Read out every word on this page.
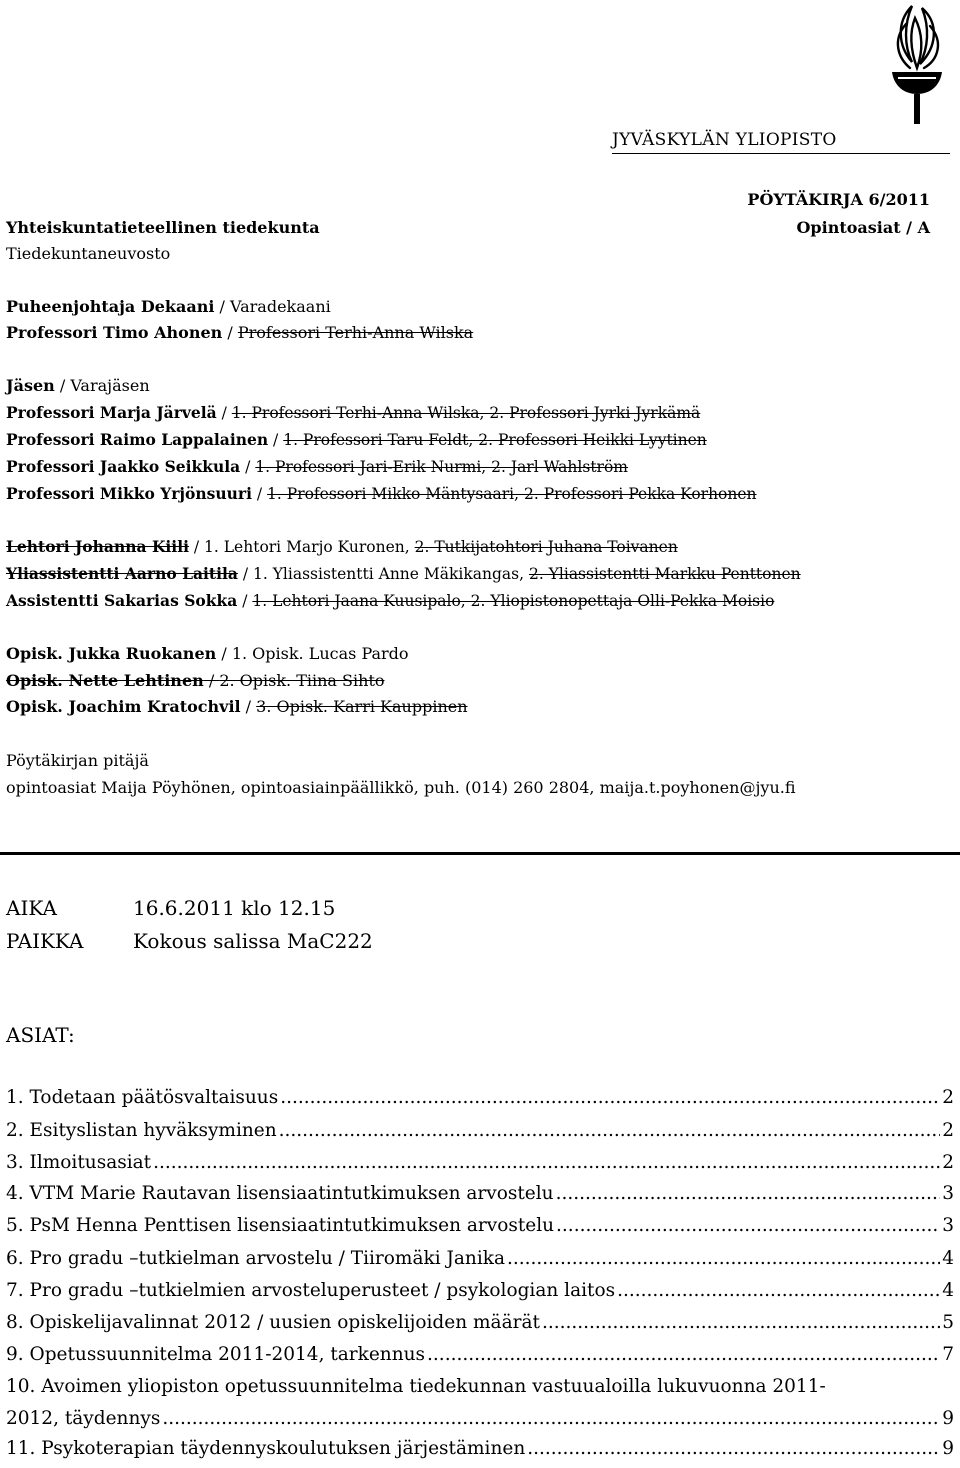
JYVÄSKYLÄN YLIOPISTO
PÖYTÄKIRJA 6/2011
Yhteiskuntatieteellinen tiedekunta	Opintoasiat / A
Tiedekuntaneuvosto
Puheenjohtaja Dekaani / Varadekaani
Professori Timo Ahonen / Professori Terhi-Anna Wilska
Jäsen / Varajäsen
Professori Marja Järvelä / 1. Professori Terhi-Anna Wilska, 2. Professori Jyrki Jyrkämä
Professori Raimo Lappalainen / 1. Professori Taru Feldt, 2. Professori Heikki Lyytinen
Professori Jaakko Seikkula / 1. Professori Jari-Erik Nurmi, 2. Jarl Wahlström
Professori Mikko Yrjönsuuri / 1. Professori Mikko Mäntysaari, 2. Professori Pekka Korhonen
Lehtori Johanna Kiili / 1. Lehtori Marjo Kuronen, 2. Tutkijatohtori Juhana Toivanen
Yliassistentti Aarno Laitila / 1. Yliassistentti Anne Mäkikangas, 2. Yliassistentti Markku Penttonen
Assistentti Sakarias Sokka / 1. Lehtori Jaana Kuusipalo, 2. Yliopistonopettaja Olli-Pekka Moisio
Opisk. Jukka Ruokanen / 1. Opisk. Lucas Pardo
Opisk. Nette Lehtinen / 2. Opisk. Tiina Sihto
Opisk. Joachim Kratochvil / 3. Opisk. Karri Kauppinen
Pöytäkirjan pitäjä
opintoasiat Maija Pöyhönen, opintoasiainpäällikkö, puh. (014) 260 2804, maija.t.poyhonen@jyu.fi
AIKA	16.6.2011 klo 12.15
PAIKKA Kokous salissa MaC222
ASIAT:
1. Todetaan päätösvaltaisuus .....	2
2. Esityslistan hyväksyminen .....	2
3. Ilmoitusasiat .....	2
4. VTM Marie Rautavan lisensiaatintutkimuksen arvostelu .....	3
5. PsM Henna Penttisen lisensiaatintutkimuksen arvostelu .....	3
6. Pro gradu –tutkielman arvostelu / Tiiromäki Janika .....	4
7. Pro gradu –tutkielmien arvosteluperusteet / psykologian laitos .....	4
8. Opiskelijavalinnat 2012 / uusien opiskelijoiden määrät .....	5
9. Opetussuunnitelma 2011-2014, tarkennus .....	7
10. Avoimen yliopiston opetussuunnitelma tiedekunnan vastuualoilla lukuvuonna 2011-
2012, täydennys .....	9
11. Psykoterapian täydennyskoulutuksen järjestäminen .....	9
